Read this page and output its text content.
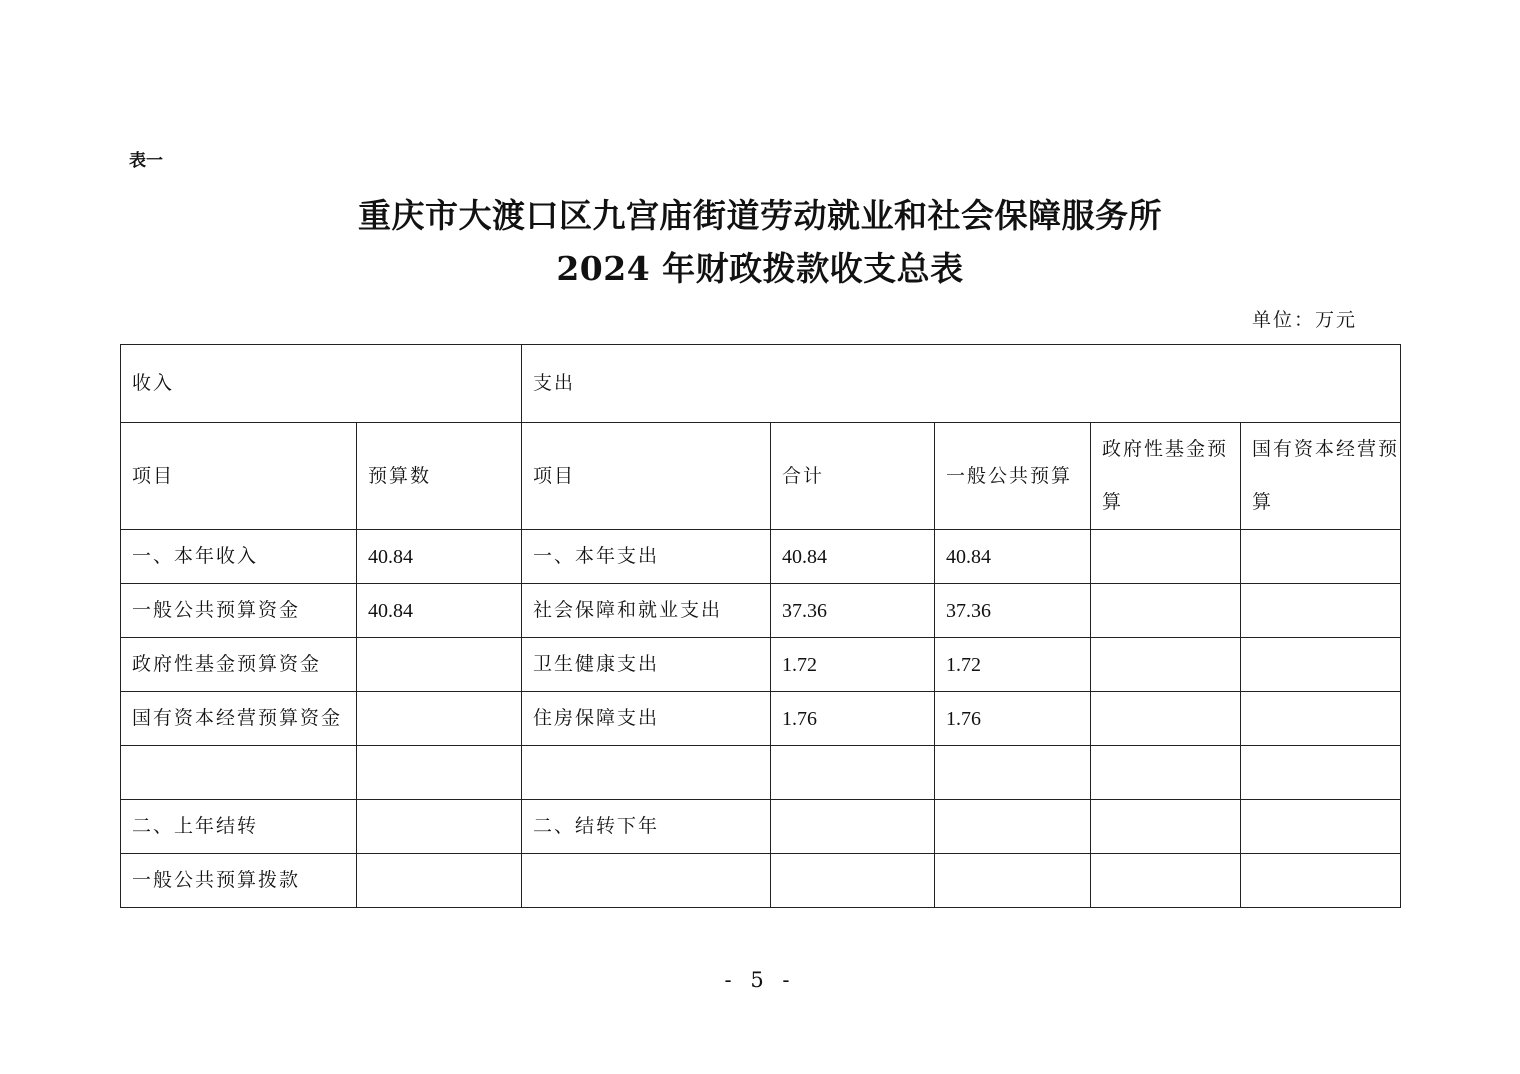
表一
重庆市大渡口区九宫庙街道劳动就业和社会保障服务所
2024 年财政拨款收支总表
单位：万元
收入		支出				
项目	预算数	项目	合计	一般公共预算	政府性基金预算	国有资本经营预算
一、本年收入	40.84	一、本年支出	40.84	40.84		
一般公共预算资金	40.84	社会保障和就业支出	37.36	37.36		
政府性基金预算资金		卫生健康支出	1.72	1.72		
国有资本经营预算资金		住房保障支出	1.76	1.76		

二、上年结转		二、结转下年				
一般公共预算拨款						
- 5 -
